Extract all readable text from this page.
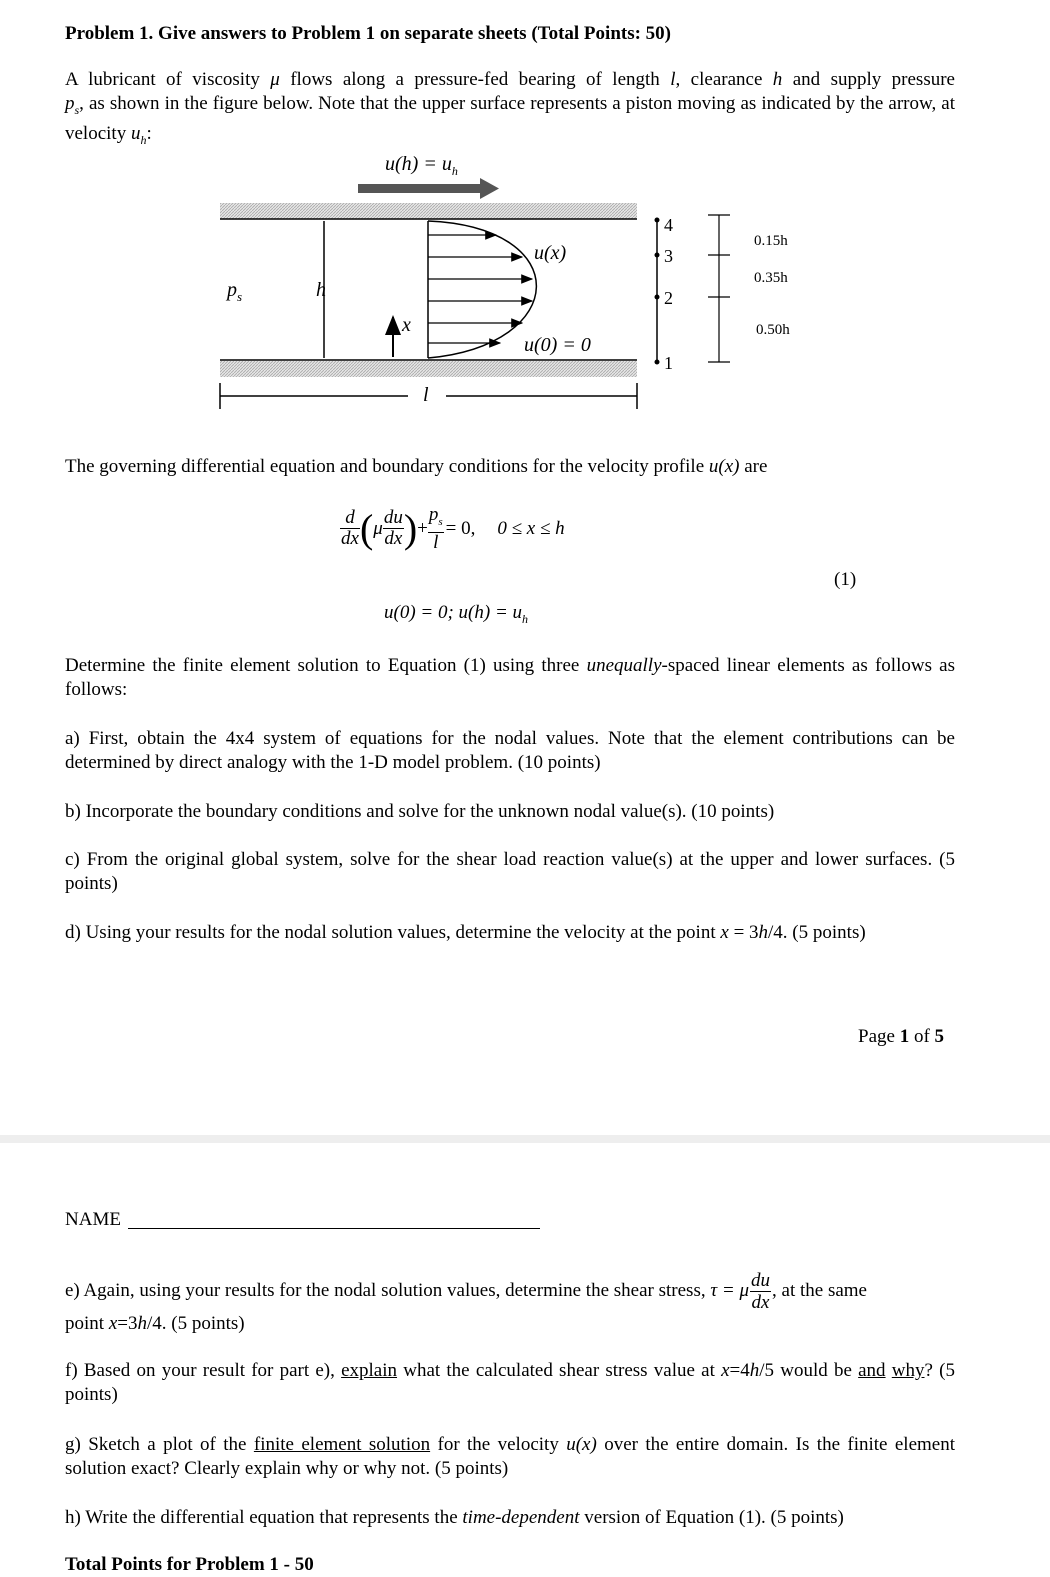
Problem 1. Give answers to Problem 1 on separate sheets (Total Points: 50)
A lubricant of viscosity μ flows along a pressure-fed bearing of length l, clearance h and supply pressure
$p_s$, as shown in the figure below. Note that the upper surface represents a piston moving as indicated by the arrow, at velocity $u_h$:
$u(h) = u_h$
u(x)
u(0) = 0
$p_s$	h
x
l
4
3
2
1
0.15h
0.35h
0.50h
The governing differential equation and boundary conditions for the velocity profile u(x) are
$\frac{d}{dx} (\mu \frac{du}{dx}$ )+ $\frac{p_s}{l} = 0$, 0 ≤ x ≤ h
(1)
u(0) = 0; $u(h) = u_h$
Determine the finite element solution to Equation (1) using three unequally-spaced linear elements as follows as follows:
a) First, obtain the 4x4 system of equations for the nodal values. Note that the element contributions can be determined by direct analogy with the 1-D model problem. (10 points)
b) Incorporate the boundary conditions and solve for the unknown nodal value(s). (10 points)
c) From the original global system, solve for the shear load reaction value(s) at the upper and lower surfaces. (5 points)
d) Using your results for the nodal solution values, determine the velocity at the point x = 3h/4. (5 points)
Page 1 of 5
NAME
e) Again, using your results for the nodal solution values, determine the shear stress, τ = μ $\frac{du}{dx}$ , at the same
point x=3h/4. (5 points)
f) Based on your result for part e), explain what the calculated shear stress value at x=4h/5 would be and why? (5 points)
g) Sketch a plot of the finite element solution for the velocity u(x) over the entire domain. Is the finite element solution exact? Clearly explain why or why not. (5 points)
h) Write the differential equation that represents the time-dependent version of Equation (1). (5 points)
Total Points for Problem 1 - 50
